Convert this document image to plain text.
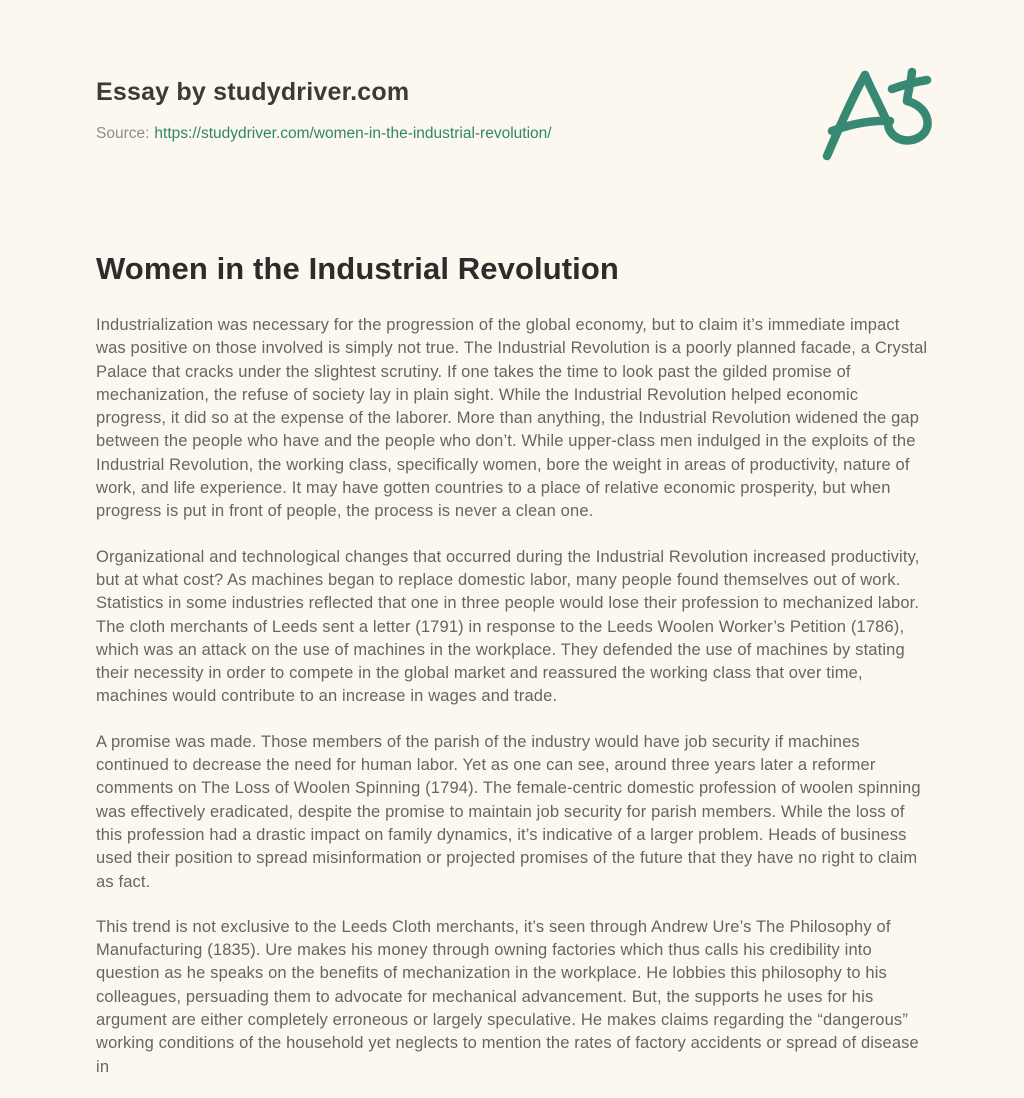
Essay by studydriver.com
Source: https://studydriver.com/women-in-the-industrial-revolution/
Women in the Industrial Revolution

Industrialization was necessary for the progression of the global economy, but to claim it’s immediate impact was positive on those involved is simply not true. The Industrial Revolution is a poorly planned facade, a Crystal Palace that cracks under the slightest scrutiny. If one takes the time to look past the gilded promise of mechanization, the refuse of society lay in plain sight. While the Industrial Revolution helped economic progress, it did so at the expense of the laborer. More than anything, the Industrial Revolution widened the gap between the people who have and the people who don’t. While upper-class men indulged in the exploits of the Industrial Revolution, the working class, specifically women, bore the weight in areas of productivity, nature of work, and life experience. It may have gotten countries to a place of relative economic prosperity, but when progress is put in front of people, the process is never a clean one.

Organizational and technological changes that occurred during the Industrial Revolution increased productivity, but at what cost? As machines began to replace domestic labor, many people found themselves out of work. Statistics in some industries reflected that one in three people would lose their profession to mechanized labor. The cloth merchants of Leeds sent a letter (1791) in response to the Leeds Woolen Worker’s Petition (1786), which was an attack on the use of machines in the workplace. They defended the use of machines by stating their necessity in order to compete in the global market and reassured the working class that over time, machines would contribute to an increase in wages and trade.

A promise was made. Those members of the parish of the industry would have job security if machines continued to decrease the need for human labor. Yet as one can see, around three years later a reformer comments on The Loss of Woolen Spinning (1794). The female-centric domestic profession of woolen spinning was effectively eradicated, despite the promise to maintain job security for parish members. While the loss of this profession had a drastic impact on family dynamics, it’s indicative of a larger problem. Heads of business used their position to spread misinformation or projected promises of the future that they have no right to claim as fact.

This trend is not exclusive to the Leeds Cloth merchants, it’s seen through Andrew Ure’s The Philosophy of Manufacturing (1835). Ure makes his money through owning factories which thus calls his credibility into question as he speaks on the benefits of mechanization in the workplace. He lobbies this philosophy to his colleagues, persuading them to advocate for mechanical advancement. But, the supports he uses for his argument are either completely erroneous or largely speculative. He makes claims regarding the “dangerous” working conditions of the household yet neglects to mention the rates of factory accidents or spread of disease in
